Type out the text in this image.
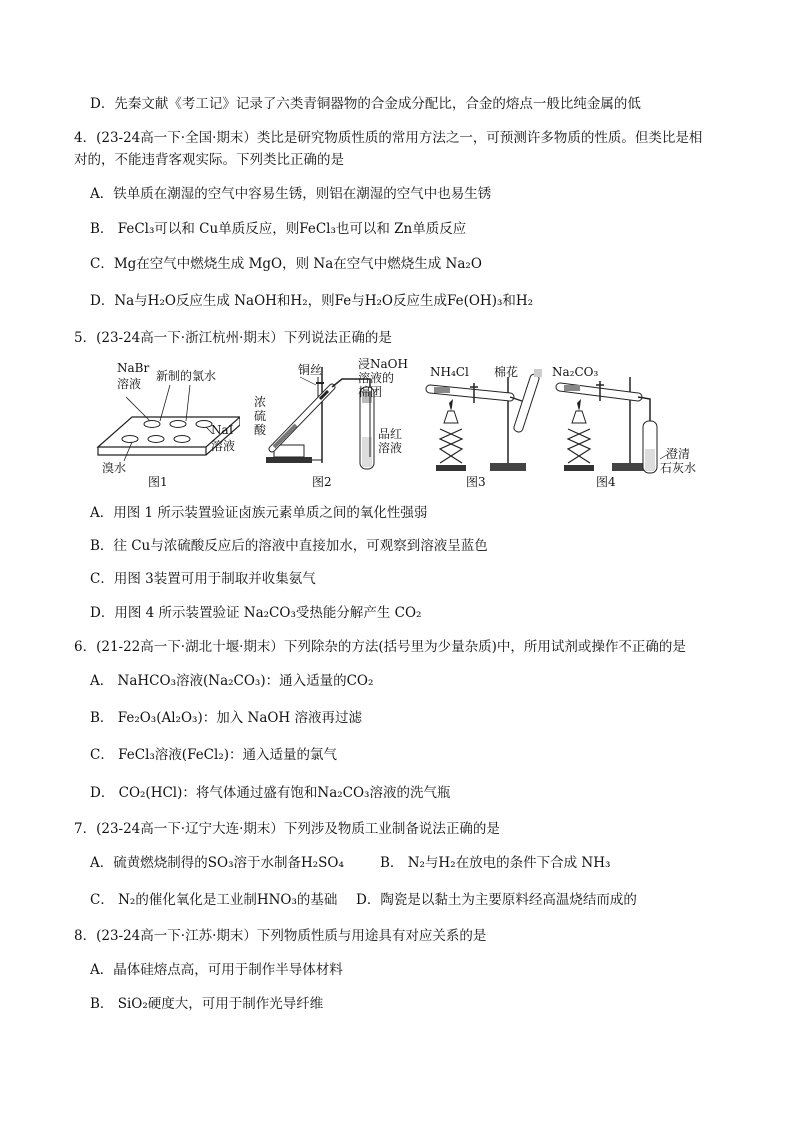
D．先秦文献《考工记》记录了六类青铜器物的合金成分配比，合金的熔点一般比纯金属的低
4．(23-24高一下·全国·期末）类比是研究物质性质的常用方法之一，可预测许多物质的性质。但类比是相
对的，不能违背客观实际。下列类比正确的是
A．铁单质在潮湿的空气中容易生锈，则铝在潮湿的空气中也易生锈
B． FeCl₃可以和 Cu单质反应，则FeCl₃也可以和 Zn单质反应
C．Mg在空气中燃烧生成 MgO，则 Na在空气中燃烧生成 Na₂O
D．Na与H₂O反应生成 NaOH和H₂，则Fe与H₂O反应生成Fe(OH)₃和H₂
5．(23-24高一下·浙江杭州·期末）下列说法正确的是
NaBr
溶液
新制的氯水
NaI
溶液
溴水
图1
铜丝
浓
硫
酸
浸NaOH
溶液的
棉团
品红
溶液
图2
NH₄Cl 棉花
图3
Na₂CO₃
澄清
石灰水
图4
A．用图 1 所示装置验证卤族元素单质之间的氧化性强弱
B．往 Cu与浓硫酸反应后的溶液中直接加水，可观察到溶液呈蓝色
C．用图 3装置可用于制取并收集氨气
D．用图 4 所示装置验证 Na₂CO₃受热能分解产生 CO₂
6．(21-22高一下·湖北十堰·期末）下列除杂的方法(括号里为少量杂质)中，所用试剂或操作不正确的是
A． NaHCO₃溶液(Na₂CO₃)：通入适量的CO₂
B． Fe₂O₃(Al₂O₃)：加入 NaOH 溶液再过滤
C． FeCl₃溶液(FeCl₂)：通入适量的氯气
D． CO₂(HCl)：将气体通过盛有饱和Na₂CO₃溶液的洗气瓶
7．(23-24高一下·辽宁大连·期末）下列涉及物质工业制备说法正确的是
A．硫黄燃烧制得的SO₃溶于水制备H₂SO₄	B． N₂与H₂在放电的条件下合成 NH₃
C． N₂的催化氧化是工业制HNO₃的基础 D．陶瓷是以黏土为主要原料经高温烧结而成的
8．(23-24高一下·江苏·期末）下列物质性质与用途具有对应关系的是
A．晶体硅熔点高，可用于制作半导体材料
B． SiO₂硬度大，可用于制作光导纤维
